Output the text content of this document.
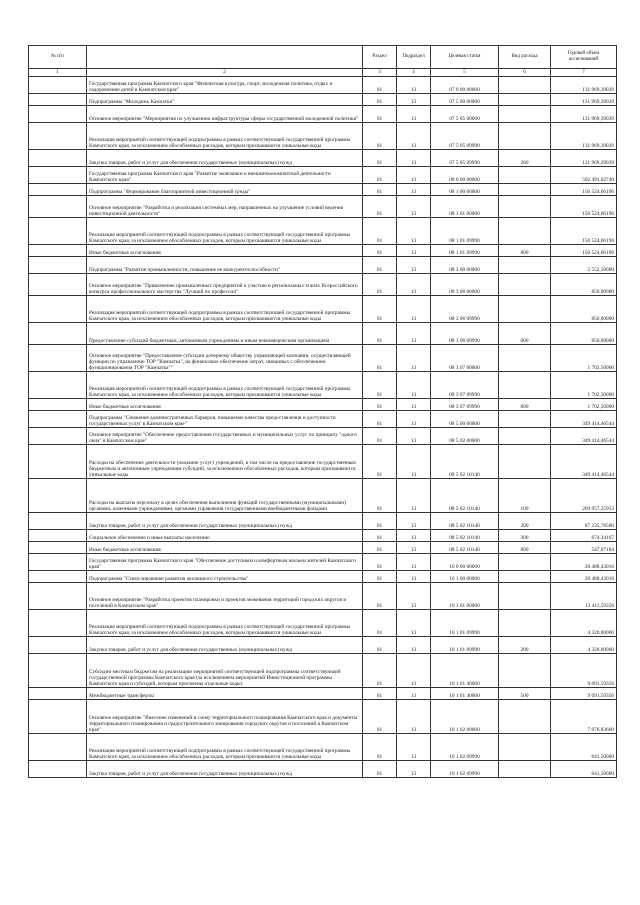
№ п/п		Раздел	Подраздел	Целевая статья	Вид расхода	Годовой объем ассигнований
1	2	3	4	5	6	7
	Государственная программа Камчатского края "Физическая культура, спорт, молодежная политика, отдых и оздоровление детей в Камчатском крае"	01	13	07 0 00 00000		131 969,39039
	Подпрограмма "Молодежь Камчатки"	01	13	07 5 00 00000		131 969,39039
	Основное мероприятие "Мероприятия по улучшению инфраструктуры сферы государственной молодежной политики"	01	13	07 5 05 00000		131 969,39039
	Реализация мероприятий соответствующей подпрограммы в рамках соответствующей государственной программы Камчатского края, за исключением обособленных расходов, которым присваиваются уникальные коды	01	13	07 5 05 09990		131 969,39039
	Закупка товаров, работ и услуг для обеспечения государственных (муниципальных) нужд	01	13	07 5 05 09990	200	131 969,39039
	Государственная программа Камчатского края "Развитие экономики и внешнеэкономической деятельности Камчатского края"	01	13	08 0 00 00000		502 491,62740
	Подпрограмма "Формирование благоприятной инвестиционной среды"	01	13	08 1 00 00000		150 524,66196
	Основное мероприятие "Разработка и реализация системных мер, направленных на улучшение условий ведения инвестиционной деятельности"	01	13	08 1 01 00000		150 524,66196
	Реализация мероприятий соответствующей подпрограммы в рамках соответствующей государственной программы Камчатского края, за исключением обособленных расходов, которым присваиваются уникальные коды	01	13	08 1 01 09990		150 524,66196
	Иные бюджетные ассигнования	01	13	08 1 01 09990	800	150 524,66196
	Подпрограмма "Развитие промышленности, повышение ее конкурентоспособности"	01	13	08 3 00 00000		2 552,50000
	Основное мероприятие "Привлечение промышленных предприятий к участию в региональных этапах Всероссийского конкурса профессионального мастерства "Лучший по профессии"	01	13	08 3 06 00000		850,00000
	Реализация мероприятий соответствующей подпрограммы в рамках соответствующей государственной программы Камчатского края, за исключением обособленных расходов, которым присваиваются уникальные коды	01	13	08 3 06 09990		850,00000
	Предоставление субсидий бюджетным, автономным учреждениям и иным некоммерческим организациям	01	13	08 3 06 09990	600	850,00000
	Основное мероприятие "Предоставление субсидии дочернему обществу управляющей компании, осуществляющей функции по управлению ТОР "Камчатка", на финансовое обеспечение затрат, связанных с обеспечением функционирования ТОР "Камчатка""	01	13	08 3 07 00000		1 702,50000
	Реализация мероприятий соответствующей подпрограммы в рамках соответствующей государственной программы Камчатского края, за исключением обособленных расходов, которым присваиваются уникальные коды	01	13	08 3 07 09990		1 702,50000
	Иные бюджетные ассигнования	01	13	08 3 07 09990	800	1 702,50000
	Подпрограмма "Снижение административных барьеров, повышение качества предоставления и доступности государственных услуг в Камчатском крае"	01	13	08 5 00 00000		349 414,46544
	Основное мероприятие "Обеспечение предоставления государственных и муниципальных услуг по принципу "одного окна" в Камчатском крае"	01	13	08 5 02 00000		349 414,46544
	Расходы на обеспечение деятельности (оказание услуг) учреждений, в том числе на предоставление государственным бюджетным и автономным учреждениям субсидий, за исключением обособленных расходов, которым присваиваются уникальные коды	01	13	08 5 02 10140		349 414,46544
	Расходы на выплаты персоналу в целях обеспечения выполнения функций государственными (муниципальными) органами, казенными учреждениями, органами управления государственными внебюджетными фондами	01	13	08 5 02 10140	100	269 957,25953
	Закупка товаров, работ и услуг для обеспечения государственных (муниципальных) нужд	01	13	08 5 02 10140	200	87 235,78580
	Социальное обеспечение и иные выплаты населению	01	13	08 5 02 10140	300	674,34167
	Иные бюджетные ассигнования	01	13	08 5 02 10140	800	547,07104
	Государственная программа Камчатского края "Обеспечение доступным и комфортным жильем жителей Камчатского края"	01	13	10 0 00 00000		20 488,43016
	Подпрограмма "Стимулирование развития жилищного строительства"	01	13	10 1 00 00000		20 488,43016
	Основное мероприятие "Разработка проектов планировки и проектов межевания территорий городских округов и поселений в Камчатском крае"	01	13	10 1 01 00000		13 411,59356
	Реализация мероприятий соответствующей подпрограммы в рамках соответствующей государственной программы Камчатского края, за исключением обособленных расходов, которым присваиваются уникальные коды	01	13	10 1 01 09990		4 320,00000
	Закупка товаров, работ и услуг для обеспечения государственных (муниципальных) нужд	01	13	10 1 01 09990	200	4 320,00000
	Субсидии местным бюджетам на реализацию мероприятий соответствующей подпрограммы соответствующей государственной программы Камчатского края (за исключением мероприятий Инвестиционной программы Камчатского края и субсидий, которым присвоены отдельные коды)	01	13	10 1 01 40060		9 091,59356
	Межбюджетные трансферты	01	13	10 1 01 40060	500	9 091,59356
	Основное мероприятие "Внесение изменений в схему территориального планирования Камчатского края и документы территориального планирования и градостроительного зонирования городских округов и поселений в Камчатском крае"	01	13	10 1 02 00000		7 076,83660
	Реализация мероприятий соответствующей подпрограммы в рамках соответствующей государственной программы Камчатского края, за исключением обособленных расходов, которым присваиваются уникальные коды	01	13	10 1 02 09990		641,50000
	Закупка товаров, работ и услуг для обеспечения государственных (муниципальных) нужд	01	13	10 1 02 09990		641,50000
